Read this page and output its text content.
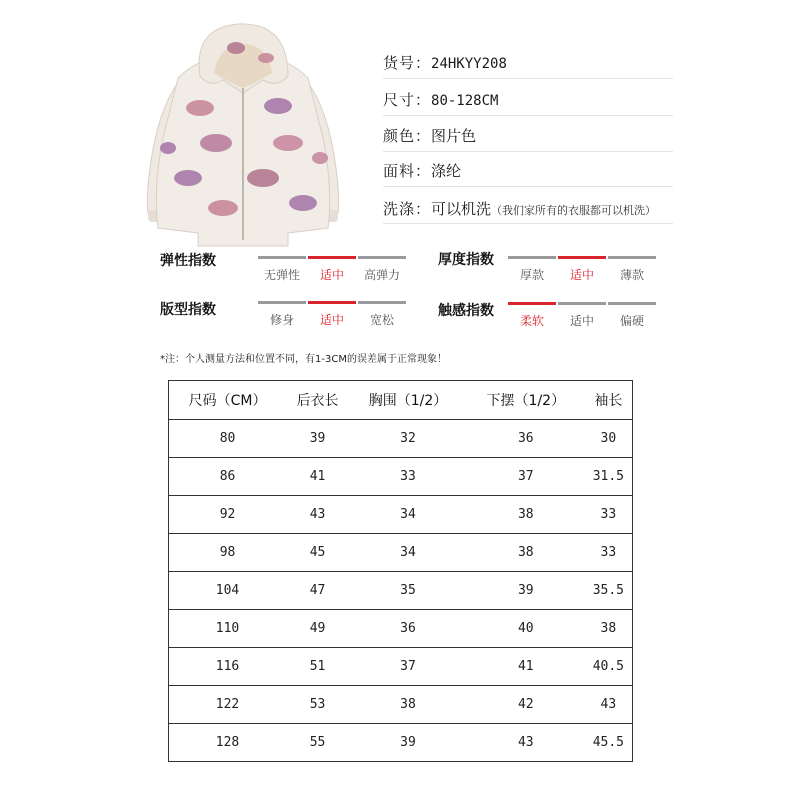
货号：24HKYY208
尺寸：80-128CM
颜色：图片色
面料：涤纶
洗涤：可以机洗（我们家所有的衣服都可以机洗）
弹性指数
无弹性	适中	高弹力
厚度指数
厚款	适中	薄款
版型指数
修身	适中	宽松
触感指数
柔软	适中	偏硬
*注：个人测量方法和位置不同，有1-3CM的误差属于正常现象！
尺码（CM）	后衣长	胸围（1/2）	下摆（1/2）	袖长
80	39	32	36	30
86	41	33	37	31.5
92	43	34	38	33
98	45	34	38	33
104	47	35	39	35.5
110	49	36	40	38
116	51	37	41	40.5
122	53	38	42	43
128	55	39	43	45.5
